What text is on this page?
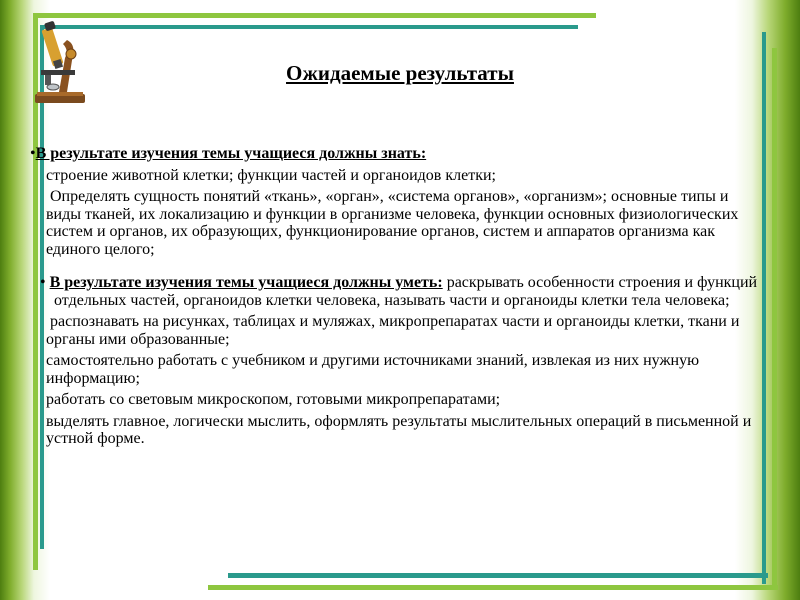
Ожидаемые результаты

•В результате изучения темы учащиеся должны знать:

строение животной клетки; функции частей и органоидов клетки;

Определять сущность понятий «ткань», «орган», «система органов», «организм»; основные типы и виды тканей, их локализацию и функции в организме человека, функции основных физиологических систем и органов, их образующих, функционирование органов, систем и аппаратов организма как единого целого;

• В результате изучения темы учащиеся должны уметь: раскрывать особенности строения и функций отдельных частей, органоидов клетки человека, называть части и органоиды клетки тела человека;

распознавать на рисунках, таблицах и муляжах, микропрепаратах части и органоиды клетки, ткани и органы ими образованные;

самостоятельно работать с учебником и другими источниками знаний, извлекая из них нужную информацию;

работать со световым микроскопом, готовыми микропрепаратами;

выделять главное, логически мыслить, оформлять результаты мыслительных операций в письменной и устной форме.
